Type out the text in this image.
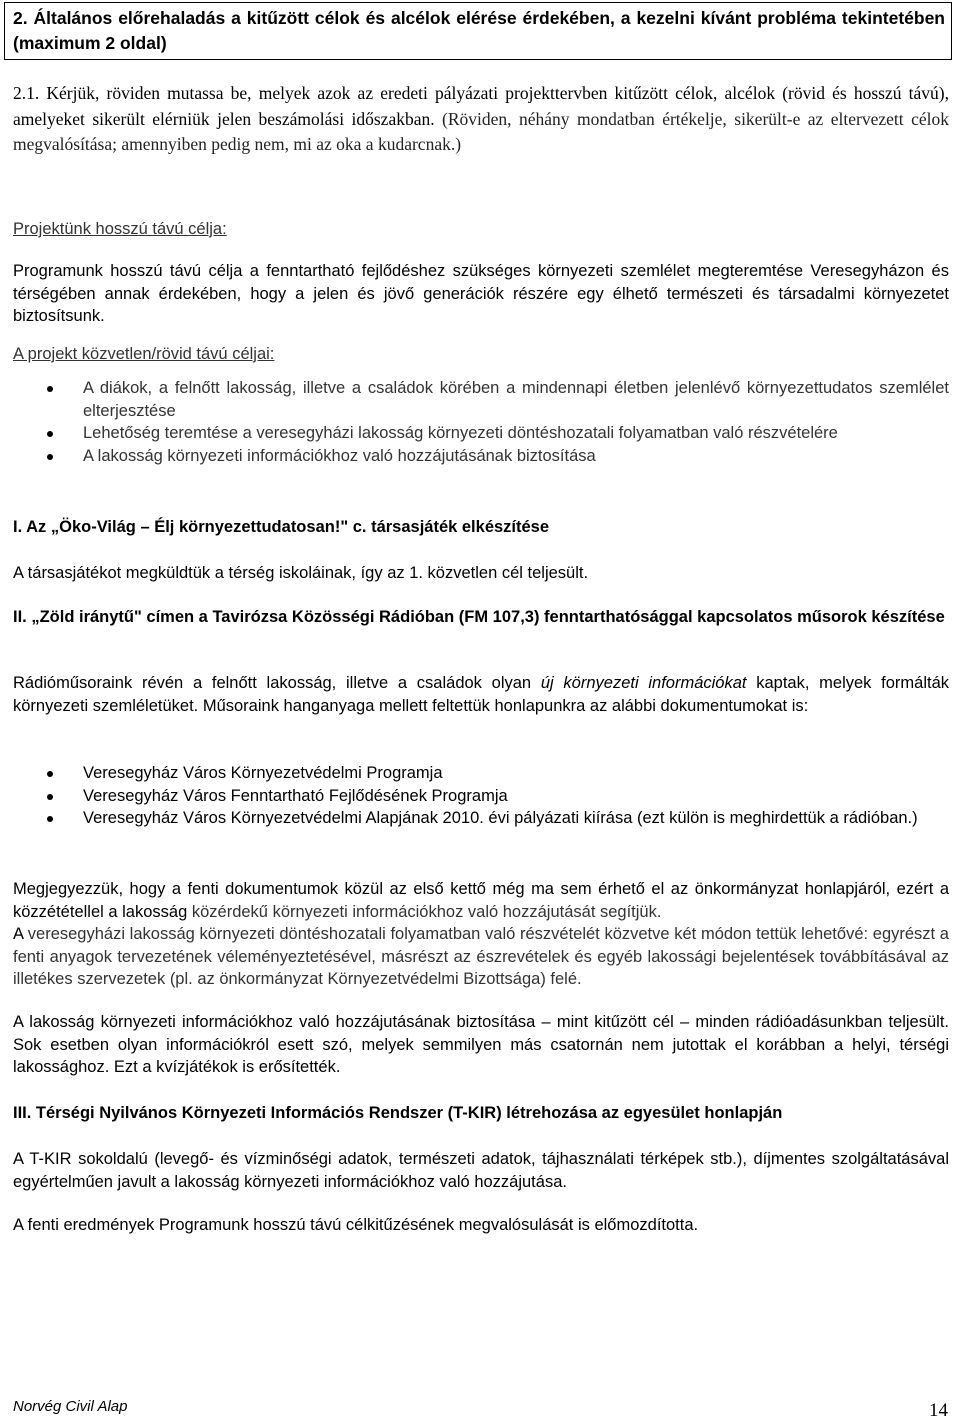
2. Általános előrehaladás a kitűzött célok és alcélok elérése érdekében, a kezelni kívánt probléma tekintetében (maximum 2 oldal)
2.1. Kérjük, röviden mutassa be, melyek azok az eredeti pályázati projekttervben kitűzött célok, alcélok (rövid és hosszú távú), amelyeket sikerült elérniük jelen beszámolási időszakban. (Röviden, néhány mondatban értékelje, sikerült-e az eltervezett célok megvalósítása; amennyiben pedig nem, mi az oka a kudarcnak.)
Projektünk hosszú távú célja:
Programunk hosszú távú célja a fenntartható fejlődéshez szükséges környezeti szemlélet megteremtése Veresegyházon és térségében annak érdekében, hogy a jelen és jövő generációk részére egy élhető természeti és társadalmi környezetet biztosítsunk.
A projekt közvetlen/rövid távú céljai:
A diákok, a felnőtt lakosság, illetve a családok körében a mindennapi életben jelenlévő környezettudatos szemlélet elterjesztése
Lehetőség teremtése a veresegyházi lakosság környezeti döntéshozatali folyamatban való részvételére
A lakosság környezeti információkhoz való hozzájutásának biztosítása
I. Az „Öko-Világ – Élj környezettudatosan!" c. társasjáték elkészítése
A társasjátékot megküldtük a térség iskoláinak, így az 1. közvetlen cél teljesült.
II. „Zöld iránytű" címen a Tavirózsa Közösségi Rádióban (FM 107,3) fenntarthatósággal kapcsolatos műsorok készítése
Rádióműsoraink révén a felnőtt lakosság, illetve a családok olyan új környezeti információkat kaptak, melyek formálták környezeti szemléletüket. Műsoraink hanganyaga mellett feltettük honlapunkra az alábbi dokumentumokat is:
Veresegyház Város Környezetvédelmi Programja
Veresegyház Város Fenntartható Fejlődésének Programja
Veresegyház Város Környezetvédelmi Alapjának 2010. évi pályázati kiírása (ezt külön is meghirdettük a rádióban.)
Megjegyezzük, hogy a fenti dokumentumok közül az első kettő még ma sem érhető el az önkormányzat honlapjáról, ezért a közzététellel a lakosság közérdekű környezeti információkhoz való hozzájutását segítjük.
A veresegyházi lakosság környezeti döntéshozatali folyamatban való részvételét közvetve két módon tettük lehetővé: egyrészt a fenti anyagok tervezetének véleményeztetésével, másrészt az észrevételek és egyéb lakossági bejelentések továbbításával az illetékes szervezetek (pl. az önkormányzat Környezetvédelmi Bizottsága) felé.
A lakosság környezeti információkhoz való hozzájutásának biztosítása – mint kitűzött cél – minden rádióadásunkban teljesült. Sok esetben olyan információkról esett szó, melyek semmilyen más csatornán nem jutottak el korábban a helyi, térségi lakossághoz. Ezt a kvízjátékok is erősítették.
III. Térségi Nyilvános Környezeti Információs Rendszer (T-KIR) létrehozása az egyesület honlapján
A T-KIR sokoldalú (levegő- és vízminőségi adatok, természeti adatok, tájhasználati térképek stb.), díjmentes szolgáltatásával egyértelműen javult a lakosság környezeti információkhoz való hozzájutása.
A fenti eredmények Programunk hosszú távú célkitűzésének megvalósulását is előmozdította.
Norvég Civil Alap	14
